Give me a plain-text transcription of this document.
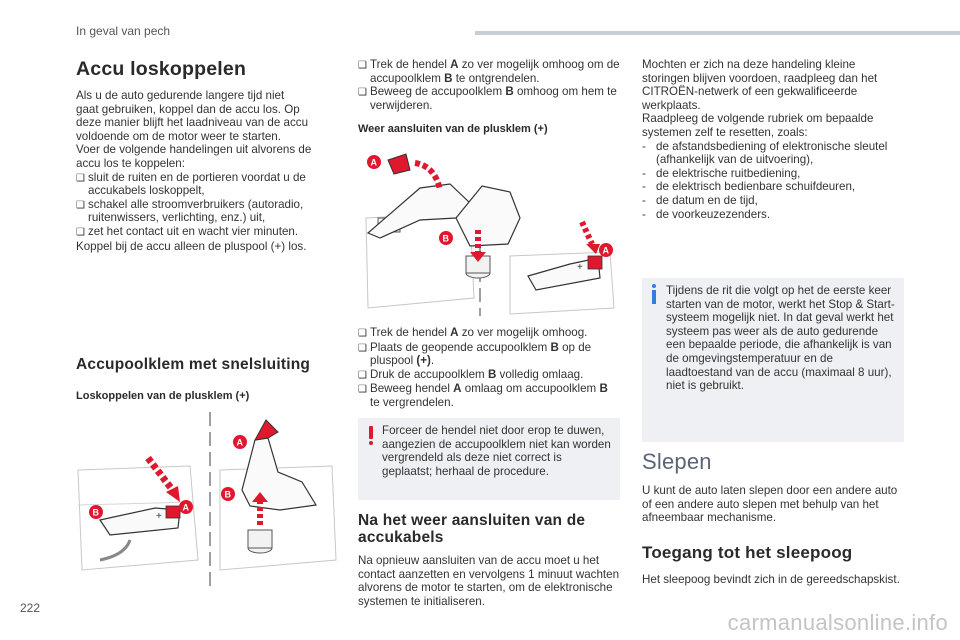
In geval van pech
Accu loskoppelen

Als u de auto gedurende langere tijd niet

gaat gebruiken, koppel dan de accu los. Op

deze manier blijft het laadniveau van de accu

voldoende om de motor weer te starten.

Voer de volgende handelingen uit alvorens de

accu los te koppelen:

❑ sluit de ruiten en de portieren voordat u de accukabels loskoppelt,
❑ schakel alle stroomverbruikers (autoradio, ruitenwissers, verlichting, enz.) uit,
❑ zet het contact uit en wacht vier minuten.

Koppel bij de accu alleen de pluspool (+) los.

Accupoolklem met snelsluiting
Loskoppelen van de plusklem (+)
+
A
B
A
B
❑ Trek de hendel A zo ver mogelijk omhoog om de accupoolklem B te ontgrendelen.
❑ Beweeg de accupoolklem B omhoog om hem te verwijderen.
Weer aansluiten van de plusklem (+)
A
B
+
A
❑ Trek de hendel A zo ver mogelijk omhoog.
❑ Plaats de geopende accupoolklem B op de pluspool (+).
❑ Druk de accupoolklem B volledig omlaag.
❑ Beweeg hendel A omlaag om accupoolklem B te vergrendelen.

Forceer de hendel niet door erop te duwen, aangezien de accupoolklem niet kan worden vergrendeld als deze niet correct is geplaatst; herhaal de procedure.

Na het weer aansluiten van de accukabels

Na opnieuw aansluiten van de accu moet u het contact aanzetten en vervolgens 1 minuut wachten alvorens de motor te starten, om de elektronische systemen te initialiseren.

Mochten er zich na deze handeling kleine storingen blijven voordoen, raadpleeg dan het CITROËN-netwerk of een gekwalificeerde werkplaats.

Raadpleeg de volgende rubriek om bepaalde systemen zelf te resetten, zoals:

- de afstandsbediening of elektronische sleutel (afhankelijk van de uitvoering),
- de elektrische ruitbediening,
- de elektrisch bedienbare schuifdeuren,
- de datum en de tijd,
- de voorkeuzezenders.

Tijdens de rit die volgt op het de eerste keer starten van de motor, werkt het Stop & Start-systeem mogelijk niet. In dat geval werkt het systeem pas weer als de auto gedurende een bepaalde periode, die afhankelijk is van de omgevingstemperatuur en de laadtoestand van de accu (maximaal 8 uur), niet is gebruikt.

Slepen

U kunt de auto laten slepen door een andere auto of een andere auto slepen met behulp van het afneembaar mechanisme.

Toegang tot het sleepoog

Het sleepoog bevindt zich in de gereedschapskist.

222
carmanualsonline.info
